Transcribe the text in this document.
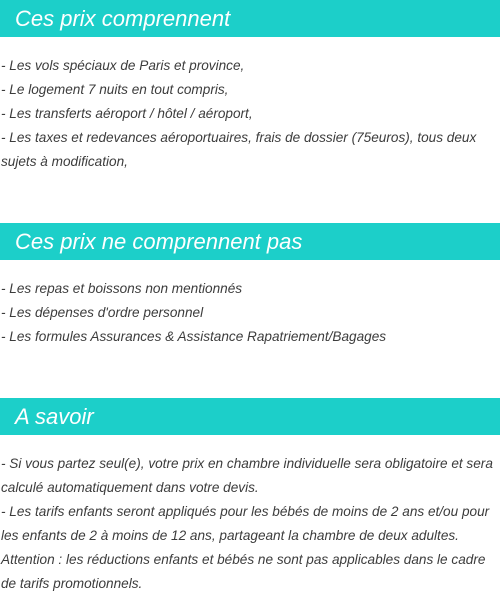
Ces prix comprennent

- Les vols spéciaux de Paris et province,

- Le logement 7 nuits en tout compris,

- Les transferts aéroport / hôtel / aéroport,

- Les taxes et redevances aéroportuaires, frais de dossier (75euros), tous deux sujets à modification,

Ces prix ne comprennent pas

- Les repas et boissons non mentionnés

- Les dépenses d'ordre personnel

- Les formules Assurances & Assistance Rapatriement/Bagages

A savoir

- Si vous partez seul(e), votre prix en chambre individuelle sera obligatoire et sera calculé automatiquement dans votre devis.

- Les tarifs enfants seront appliqués pour les bébés de moins de 2 ans et/ou pour les enfants de 2 à moins de 12 ans, partageant la chambre de deux adultes.

Attention : les réductions enfants et bébés ne sont pas applicables dans le cadre de tarifs promotionnels.
